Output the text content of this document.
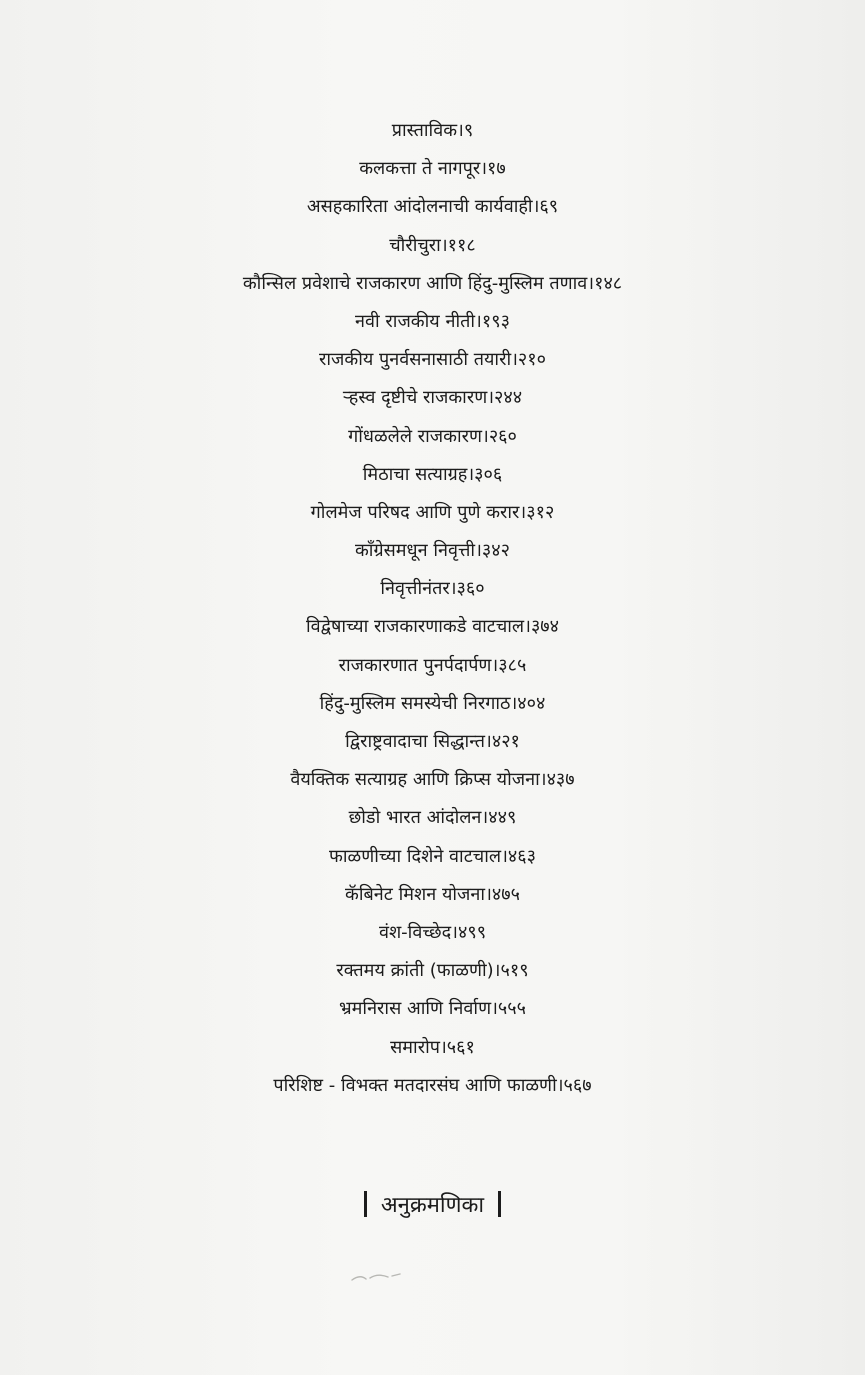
प्रास्ताविक।९
कलकत्ता ते नागपूर।१७
असहकारिता आंदोलनाची कार्यवाही।६९
चौरीचुरा।११८
कौन्सिल प्रवेशाचे राजकारण आणि हिंदु-मुस्लिम तणाव।१४८
नवी राजकीय नीती।१९३
राजकीय पुनर्वसनासाठी तयारी।२१०
र्‍हस्व दृष्टीचे राजकारण।२४४
गोंधळलेले राजकारण।२६०
मिठाचा सत्याग्रह।३०६
गोलमेज परिषद आणि पुणे करार।३१२
कॉंग्रेसमधून निवृत्ती।३४२
निवृत्तीनंतर।३६०
विद्वेषाच्या राजकारणाकडे वाटचाल।३७४
राजकारणात पुनर्पदार्पण।३८५
हिंदु-मुस्लिम समस्येची निरगाठ।४०४
द्विराष्ट्रवादाचा सिद्धान्त।४२१
वैयक्तिक सत्याग्रह आणि क्रिप्स योजना।४३७
छोडो भारत आंदोलन।४४९
फाळणीच्या दिशेने वाटचाल।४६३
कॅबिनेट मिशन योजना।४७५
वंश-विच्छेद।४९९
रक्तमय क्रांती (फाळणी)।५१९
भ्रमनिरास आणि निर्वाण।५५५
समारोप।५६१
परिशिष्ट - विभक्त मतदारसंघ आणि फाळणी।५६७
अनुक्रमणिका
